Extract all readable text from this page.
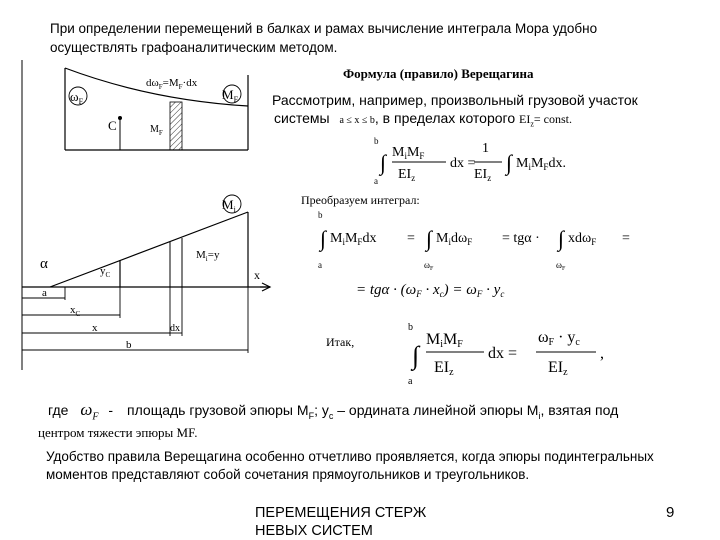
При определении перемещений в балках и рамах вычисление интеграла Мора удобно
осуществлять графоаналитическим методом.
Формула (правило) Верещагина
Рассмотрим, например, произвольный грузовой участок
системы a ≤ x ≤ b, в пределах которого $EI_z=$ const.
$\omega_F$
$d\omega_F=M_F\cdot dx$
$M_F$
C	$M_F$
$M_i$
α	$y_C$
$M_i=y$
x
a
$x_C$
x	dx
b
b
∫
a
$M_iM_F$
$EI_z$
dx =
1
$EI_z$
∫ $M_iM_Fdx$.
Преобразуем интеграл:
b
∫
a
$M_iM_Fdx$ = ∫ $M_id\omega_F$
$\omega_F$
= tgα · ∫ xdω$_F$
$\omega_F$
=
= $tg\alpha \cdot (\omega_F \cdot x_c) = \omega_F \cdot y_c$
Итак,
b
∫
a
MiMF
EIz
dx =
ωF · yc
EIz
,
где $\omega_F$ - площадь грузовой эпюры $M_F$; $y_c$ – ордината линейной эпюры $M_i$, взятая под
центром тяжести эпюры MF.
Удобство правила Верещагина особенно отчетливо проявляется, когда эпюры подинтегральных
моментов представляют собой сочетания прямоугольников и треугольников.
ПЕРЕМЕЩЕНИЯ СТЕРЖ
НЕВЫХ СИСТЕМ
9
